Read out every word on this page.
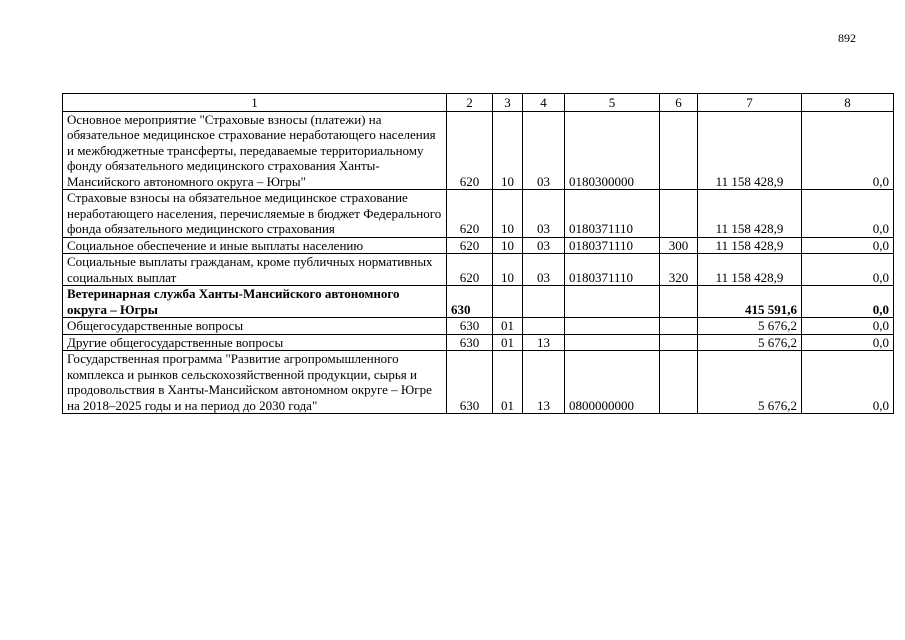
892
1	2	3	4	5	6	7	8
Основное мероприятие "Страховые взносы (платежи) на обязательное медицинское страхование неработающего населения и межбюджетные трансферты, передаваемые территориальному фонду обязательного медицинского страхования Ханты-Мансийского автономного округа – Югры"	620	10	03	0180300000		11 158 428,9	0,0
Страховые взносы на обязательное медицинское страхование неработающего населения, перечисляемые в бюджет Федерального фонда обязательного медицинского страхования	620	10	03	0180371110		11 158 428,9	0,0
Социальное обеспечение и иные выплаты населению	620	10	03	0180371110	300	11 158 428,9	0,0
Социальные выплаты гражданам, кроме публичных нормативных социальных выплат	620	10	03	0180371110	320	11 158 428,9	0,0
Ветеринарная служба Ханты-Мансийского автономного округа – Югры	630					415 591,6	0,0
Общегосударственные вопросы	630	01				5 676,2	0,0
Другие общегосударственные вопросы	630	01	13			5 676,2	0,0
Государственная программа "Развитие агропромышленного комплекса и рынков сельскохозяйственной продукции, сырья и продовольствия в Ханты-Мансийском автономном округе – Югре на 2018–2025 годы и на период до 2030 года"	630	01	13	0800000000		5 676,2	0,0
